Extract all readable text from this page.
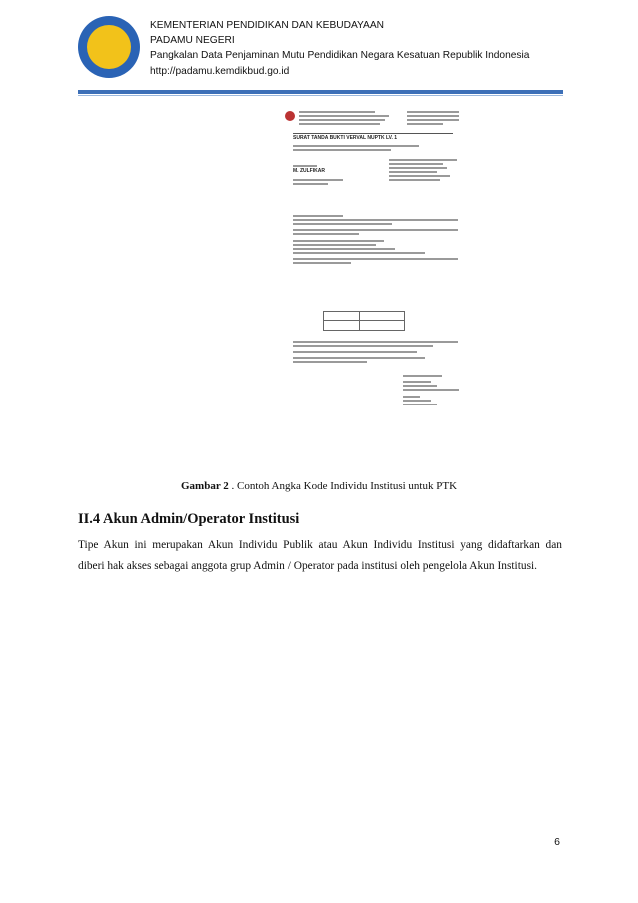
KEMENTERIAN PENDIDIKAN DAN KEBUDAYAAN
PADAMU NEGERI
Pangkalan Data Penjaminan Mutu Pendidikan Negara Kesatuan Republik Indonesia
http://padamu.kemdikbud.go.id
SURAT TANDA BUKTI VERVAL NUPTK LV. 1
M. ZULFIKAR
Gambar 2 . Contoh Angka Kode Individu Institusi untuk PTK
II.4 Akun Admin/Operator Institusi
Tipe Akun ini merupakan Akun Individu Publik atau Akun Individu Institusi yang didaftarkan dan
diberi hak akses sebagai anggota grup Admin / Operator pada institusi oleh pengelola Akun Institusi.
6
